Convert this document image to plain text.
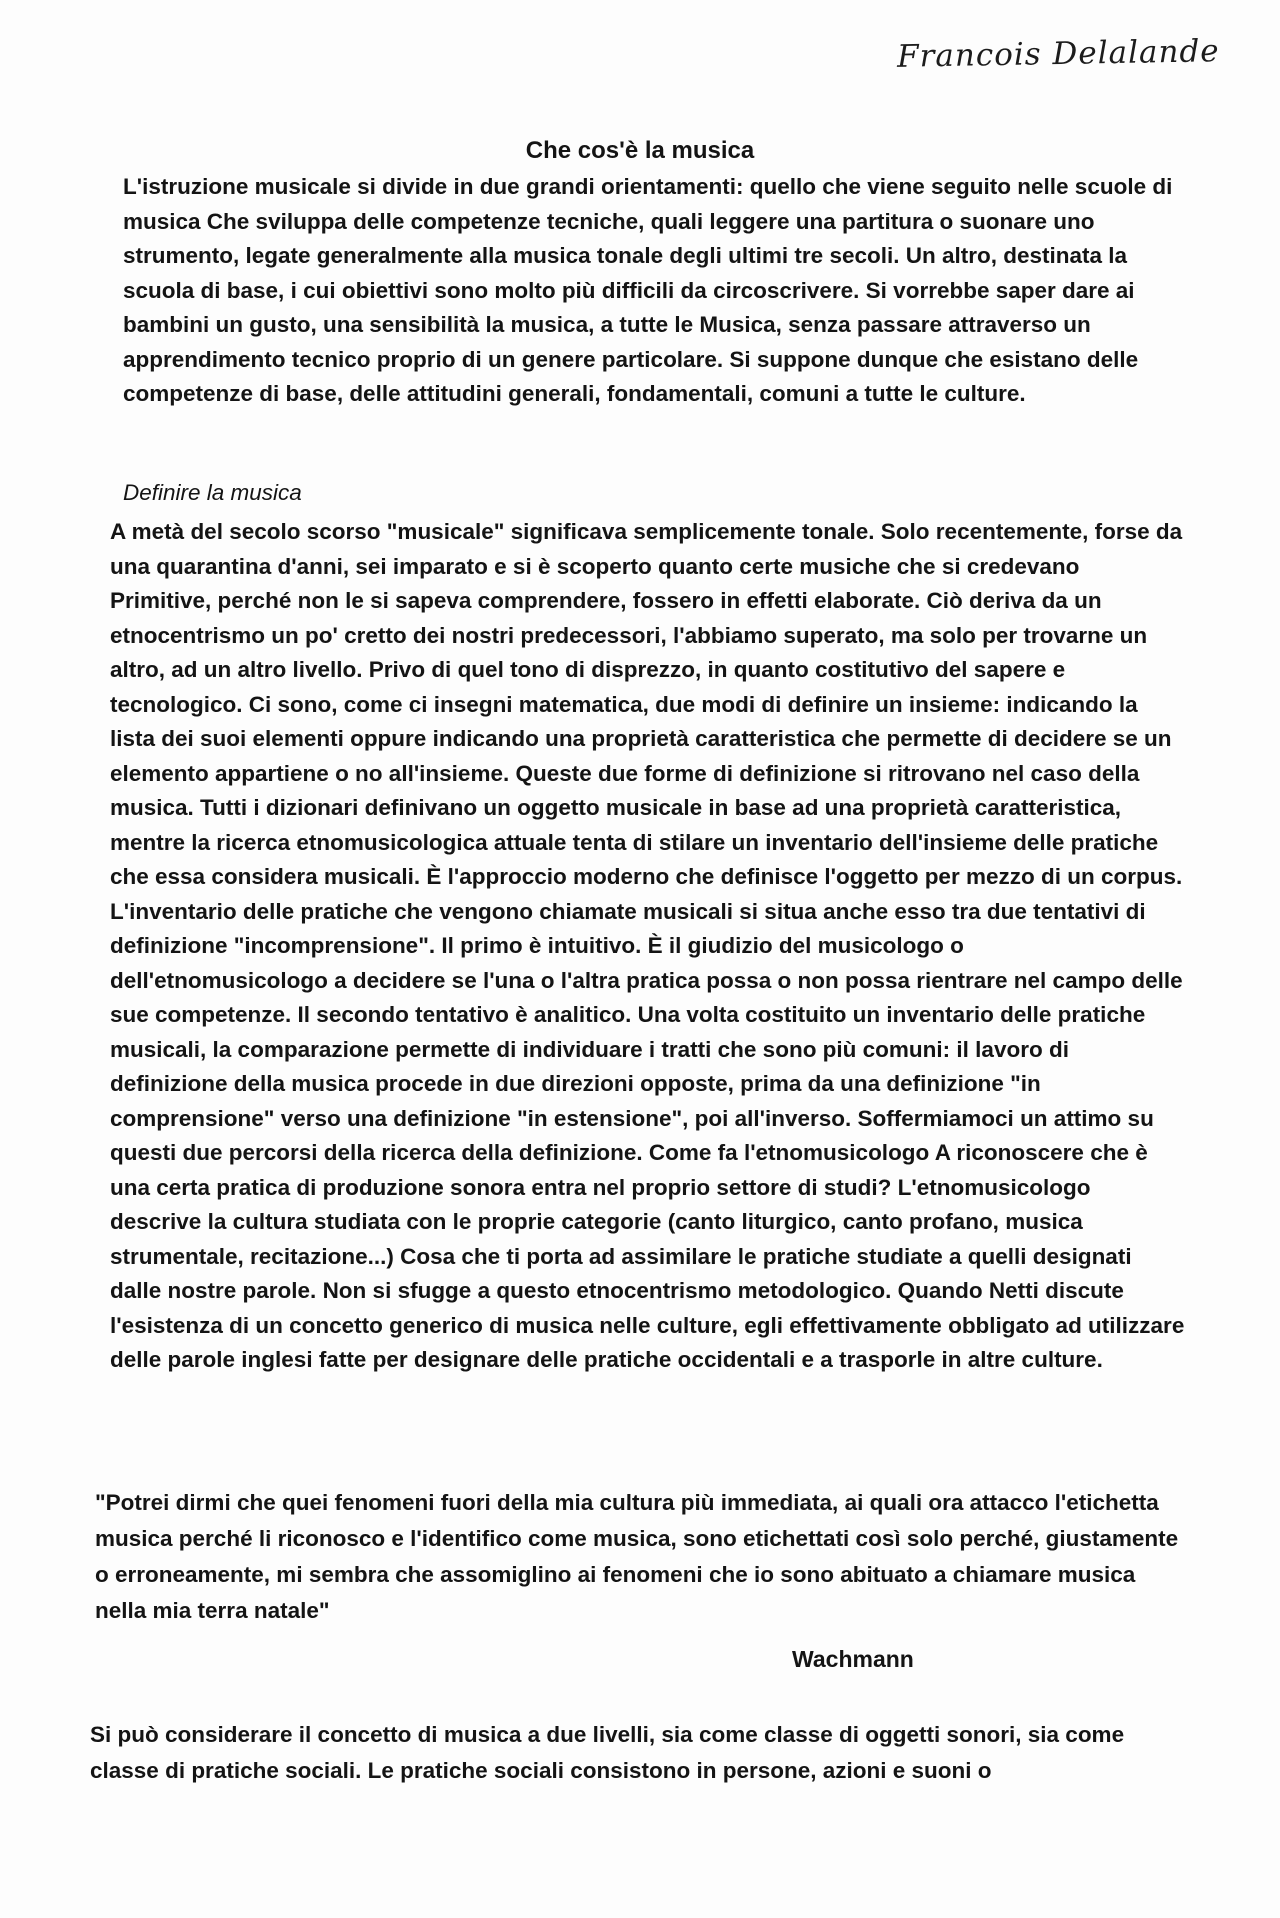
Francois Delalande
Che cos'è la musica

L'istruzione musicale si divide in due grandi orientamenti: quello che viene seguito nelle scuole di musica Che sviluppa delle competenze tecniche, quali leggere una partitura o suonare uno strumento, legate generalmente alla musica tonale degli ultimi tre secoli. Un altro, destinata la scuola di base, i cui obiettivi sono molto più difficili da circoscrivere. Si vorrebbe saper dare ai bambini un gusto, una sensibilità la musica, a tutte le Musica, senza passare attraverso un apprendimento tecnico proprio di un genere particolare. Si suppone dunque che esistano delle competenze di base, delle attitudini generali, fondamentali, comuni a tutte le culture.

Definire la musica

A metà del secolo scorso "musicale" significava semplicemente tonale. Solo recentemente, forse da una quarantina d'anni, sei imparato e si è scoperto quanto certe musiche che si credevano Primitive, perché non le si sapeva comprendere, fossero in effetti elaborate. Ciò deriva da un etnocentrismo un po' cretto dei nostri predecessori, l'abbiamo superato, ma solo per trovarne un altro, ad un altro livello. Privo di quel tono di disprezzo, in quanto costitutivo del sapere e tecnologico. Ci sono, come ci insegni matematica, due modi di definire un insieme: indicando la lista dei suoi elementi oppure indicando una proprietà caratteristica che permette di decidere se un elemento appartiene o no all'insieme. Queste due forme di definizione si ritrovano nel caso della musica. Tutti i dizionari definivano un oggetto musicale in base ad una proprietà caratteristica, mentre la ricerca etnomusicologica attuale tenta di stilare un inventario dell'insieme delle pratiche che essa considera musicali. È l'approccio moderno che definisce l'oggetto per mezzo di un corpus. L'inventario delle pratiche che vengono chiamate musicali si situa anche esso tra due tentativi di definizione "incomprensione". Il primo è intuitivo. È il giudizio del musicologo o dell'etnomusicologo a decidere se l'una o l'altra pratica possa o non possa rientrare nel campo delle sue competenze. Il secondo tentativo è analitico. Una volta costituito un inventario delle pratiche musicali, la comparazione permette di individuare i tratti che sono più comuni: il lavoro di definizione della musica procede in due direzioni opposte, prima da una definizione "in comprensione" verso una definizione "in estensione", poi all'inverso. Soffermiamoci un attimo su questi due percorsi della ricerca della definizione. Come fa l'etnomusicologo A riconoscere che è una certa pratica di produzione sonora entra nel proprio settore di studi? L'etnomusicologo descrive la cultura studiata con le proprie categorie (canto liturgico, canto profano, musica strumentale, recitazione...) Cosa che ti porta ad assimilare le pratiche studiate a quelli designati dalle nostre parole. Non si sfugge a questo etnocentrismo metodologico. Quando Netti discute l'esistenza di un concetto generico di musica nelle culture, egli effettivamente obbligato ad utilizzare delle parole inglesi fatte per designare delle pratiche occidentali e a trasporle in altre culture.

"Potrei dirmi che quei fenomeni fuori della mia cultura più immediata, ai quali ora attacco l'etichetta musica perché li riconosco e l'identifico come musica, sono etichettati così solo perché, giustamente o erroneamente, mi sembra che assomiglino ai fenomeni che io sono abituato a chiamare musica nella mia terra natale"

Wachmann

Si può considerare il concetto di musica a due livelli, sia come classe di oggetti sonori, sia come classe di pratiche sociali. Le pratiche sociali consistono in persone, azioni e suoni o
